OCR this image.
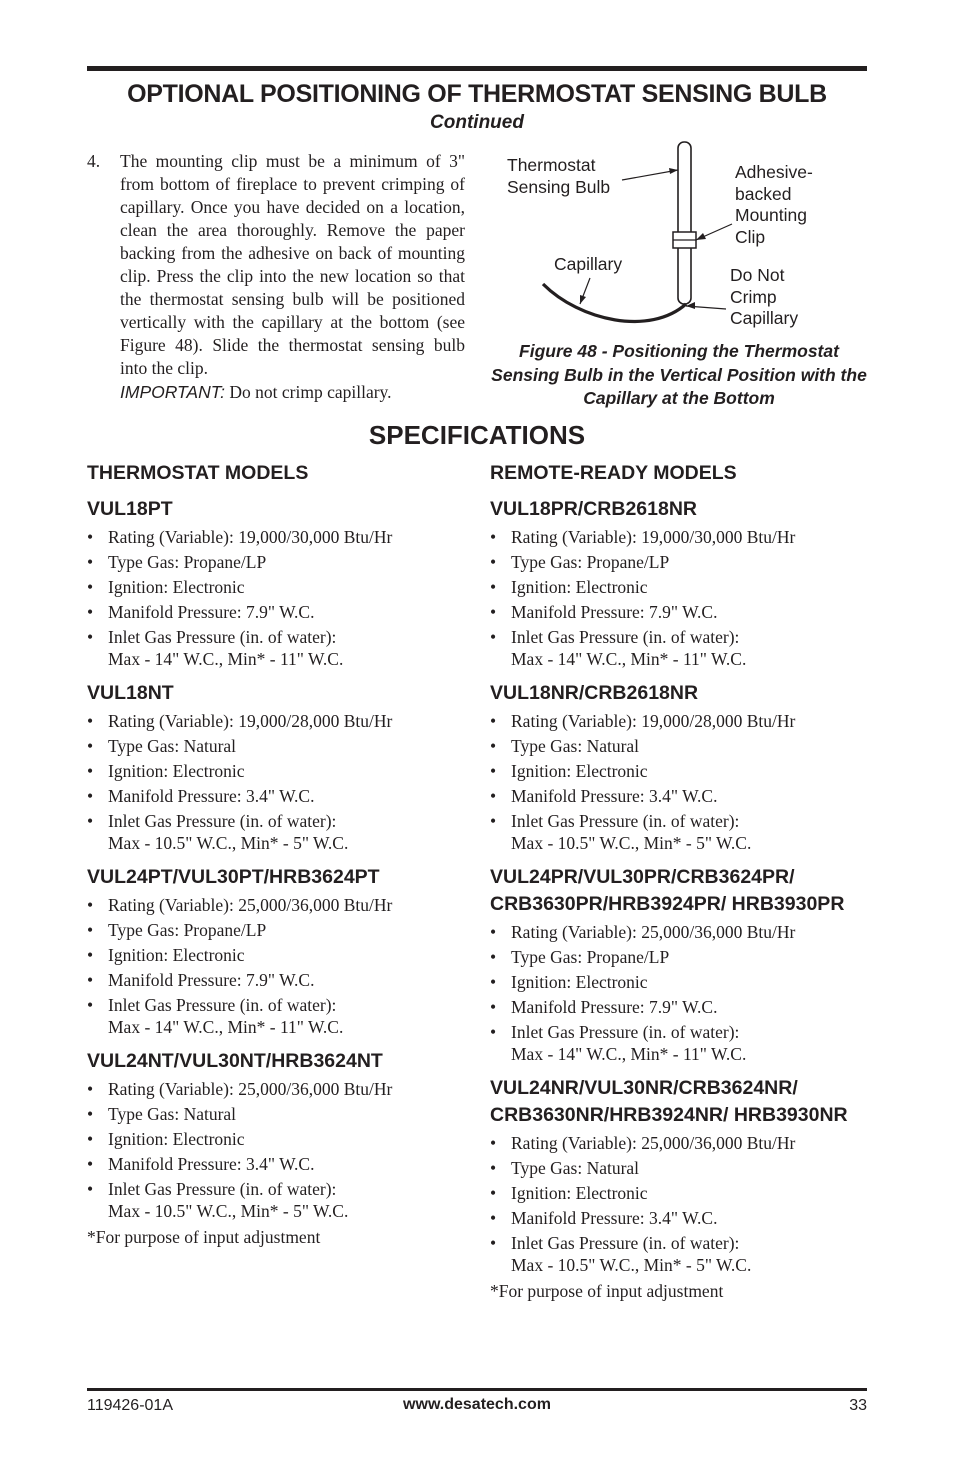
OPTIONAL POSITIONING OF THERMOSTAT SENSING BULB
Continued
4. The mounting clip must be a minimum of 3" from bottom of fireplace to prevent crimping of capillary. Once you have decided on a location, clean the area thoroughly. Remove the paper backing from the adhesive on back of mounting clip. Press the clip into the new location so that the thermostat sensing bulb will be positioned vertically with the capillary at the bottom (see Figure 48). Slide the thermostat sensing bulb into the clip.
IMPORTANT: Do not crimp capillary.
Thermostat Sensing Bulb
Adhesive-backed Mounting Clip
Capillary
Do Not Crimp Capillary
Figure 48 - Positioning the Thermostat Sensing Bulb in the Vertical Position with the Capillary at the Bottom
SPECIFICATIONS
THERMOSTAT MODELS
VUL18PT
• Rating (Variable): 19,000/30,000 Btu/Hr
• Type Gas: Propane/LP
• Ignition: Electronic
• Manifold Pressure: 7.9" W.C.
• Inlet Gas Pressure (in. of water):
Max - 14" W.C., Min* - 11" W.C.
VUL18NT
• Rating (Variable): 19,000/28,000 Btu/Hr
• Type Gas: Natural
• Ignition: Electronic
• Manifold Pressure: 3.4" W.C.
• Inlet Gas Pressure (in. of water):
Max - 10.5" W.C., Min* - 5" W.C.
VUL24PT/VUL30PT/HRB3624PT
• Rating (Variable): 25,000/36,000 Btu/Hr
• Type Gas: Propane/LP
• Ignition: Electronic
• Manifold Pressure: 7.9" W.C.
• Inlet Gas Pressure (in. of water):
Max - 14" W.C., Min* - 11" W.C.
VUL24NT/VUL30NT/HRB3624NT
• Rating (Variable): 25,000/36,000 Btu/Hr
• Type Gas: Natural
• Ignition: Electronic
• Manifold Pressure: 3.4" W.C.
• Inlet Gas Pressure (in. of water):
Max - 10.5" W.C., Min* - 5" W.C.
*For purpose of input adjustment
REMOTE-READY MODELS
VUL18PR/CRB2618NR
• Rating (Variable): 19,000/30,000 Btu/Hr
• Type Gas: Propane/LP
• Ignition: Electronic
• Manifold Pressure: 7.9" W.C.
• Inlet Gas Pressure (in. of water):
Max - 14" W.C., Min* - 11" W.C.
VUL18NR/CRB2618NR
• Rating (Variable): 19,000/28,000 Btu/Hr
• Type Gas: Natural
• Ignition: Electronic
• Manifold Pressure: 3.4" W.C.
• Inlet Gas Pressure (in. of water):
Max - 10.5" W.C., Min* - 5" W.C.
VUL24PR/VUL30PR/CRB3624PR/ CRB3630PR/HRB3924PR/ HRB3930PR
• Rating (Variable): 25,000/36,000 Btu/Hr
• Type Gas: Propane/LP
• Ignition: Electronic
• Manifold Pressure: 7.9" W.C.
• Inlet Gas Pressure (in. of water):
Max - 14" W.C., Min* - 11" W.C.
VUL24NR/VUL30NR/CRB3624NR/ CRB3630NR/HRB3924NR/ HRB3930NR
• Rating (Variable): 25,000/36,000 Btu/Hr
• Type Gas: Natural
• Ignition: Electronic
• Manifold Pressure: 3.4" W.C.
• Inlet Gas Pressure (in. of water):
Max - 10.5" W.C., Min* - 5" W.C.
*For purpose of input adjustment
119426-01A	www.desatech.com	33
